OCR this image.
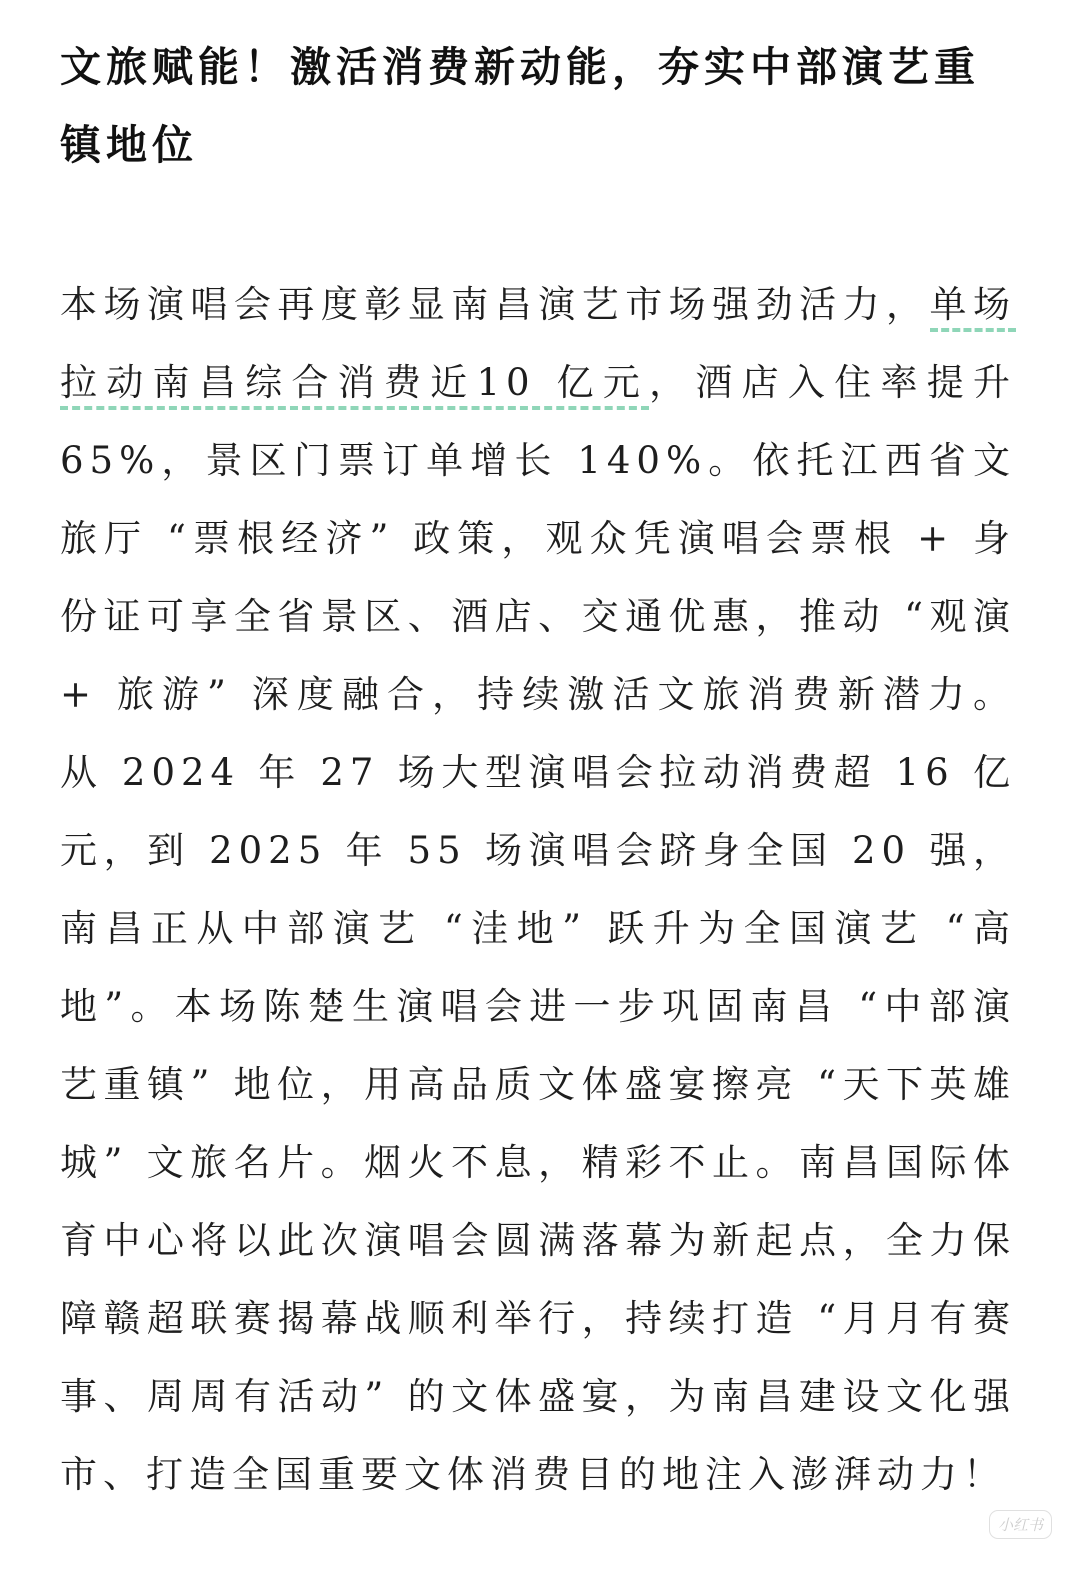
文旅赋能！激活消费新动能，夯实中部演艺重镇地位

本场演唱会再度彰显南昌演艺市场强劲活力，单场拉动南昌综合消费近10 亿元，酒店入住率提升65%，景区门票订单增长 140%。依托江西省文旅厅 “票根经济” 政策，观众凭演唱会票根 + 身份证可享全省景区、酒店、交通优惠，推动 “观演 + 旅游” 深度融合，持续激活文旅消费新潜力。从 2024 年 27 场大型演唱会拉动消费超 16 亿元，到 2025 年 55 场演唱会跻身全国 20 强，南昌正从中部演艺 “洼地” 跃升为全国演艺 “高地”。本场陈楚生演唱会进一步巩固南昌 “中部演艺重镇” 地位，用高品质文体盛宴擦亮 “天下英雄城” 文旅名片。烟火不息，精彩不止。南昌国际体育中心将以此次演唱会圆满落幕为新起点，全力保障赣超联赛揭幕战顺利举行，持续打造 “月月有赛事、周周有活动” 的文体盛宴，为南昌建设文化强市、打造全国重要文体消费目的地注入澎湃动力！

小红书
